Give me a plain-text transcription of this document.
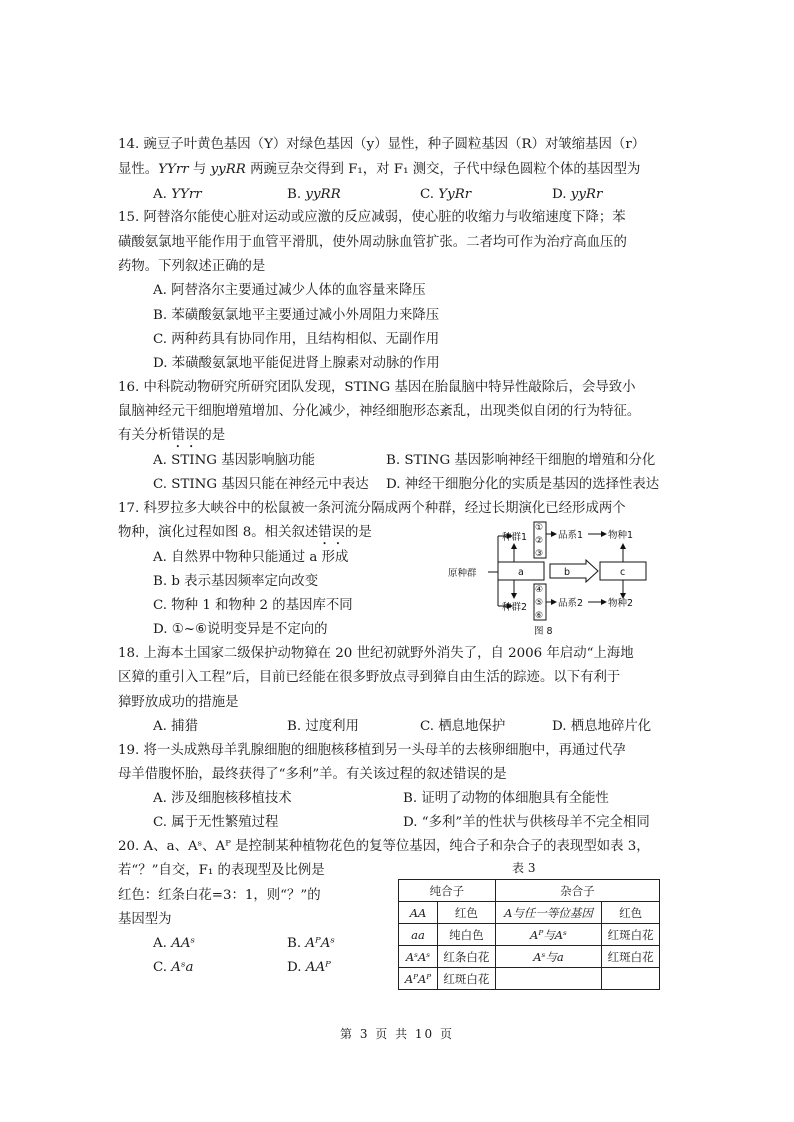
14. 豌豆子叶黄色基因（Y）对绿色基因（y）显性，种子圆粒基因（R）对皱缩基因（r）
显性。YYrr 与 yyRR 两豌豆杂交得到 F₁，对 F₁ 测交，子代中绿色圆粒个体的基因型为
A. YYrr	B. yyRR	C. YyRr	D. yyRr
15. 阿替洛尔能使心脏对运动或应激的反应减弱，使心脏的收缩力与收缩速度下降；苯
磺酸氨氯地平能作用于血管平滑肌，使外周动脉血管扩张。二者均可作为治疗高血压的
药物。下列叙述正确的是
A. 阿替洛尔主要通过减少人体的血容量来降压
B. 苯磺酸氨氯地平主要通过减小外周阻力来降压
C. 两种药具有协同作用，且结构相似、无副作用
D. 苯磺酸氨氯地平能促进肾上腺素对动脉的作用
16. 中科院动物研究所研究团队发现，STING 基因在胎鼠脑中特异性敲除后，会导致小
鼠脑神经元干细胞增殖增加、分化减少，神经细胞形态紊乱，出现类似自闭的行为特征。
有关分析错误的是
A. STING 基因影响脑功能	B. STING 基因影响神经干细胞的增殖和分化
C. STING 基因只能在神经元中表达 D. 神经干细胞分化的实质是基因的选择性表达
17. 科罗拉多大峡谷中的松鼠被一条河流分隔成两个种群，经过长期演化已经形成两个
物种，演化过程如图 8。相关叙述错误的是
A. 自然界中物种只能通过 a 形成
B. b 表示基因频率定向改变
C. 物种 1 和物种 2 的基因库不同
D. ①~⑥说明变异是不定向的
原种群	a
种群1
种群2
①
②
③
④
⑤
⑥
品系1
品系2
b	c
物种1
物种2
图 8
18. 上海本土国家二级保护动物獐在 20 世纪初就野外消失了，自 2006 年启动“上海地
区獐的重引入工程”后，目前已经能在很多野放点寻到獐自由生活的踪迹。以下有利于
獐野放成功的措施是
A. 捕猎	B. 过度利用	C. 栖息地保护	D. 栖息地碎片化
19. 将一头成熟母羊乳腺细胞的细胞核移植到另一头母羊的去核卵细胞中，再通过代孕
母羊借腹怀胎，最终获得了“多利”羊。有关该过程的叙述错误的是
A. 涉及细胞核移植技术	B. 证明了动物的体细胞具有全能性
C. 属于无性繁殖过程	D. “多利”羊的性状与供核母羊不完全相同
20. A、a、Aˢ、Aᴾ 是控制某种植物花色的复等位基因，纯合子和杂合子的表现型如表 3，
若“？”自交，F₁ 的表现型及比例是
红色：红条白花=3：1，则“？”的
基因型为
A. AAˢ	B. AᴾAˢ
C. Aˢa	D. AAᴾ
表 3
纯合子		杂合子	
AA	红色	A与任一等位基因	红色
aa	纯白色	Aᴾ与Aˢ	红斑白花
AˢAˢ	红条白花	Aˢ与a	红斑白花
AᴾAᴾ	红斑白花		
第 3 页 共 10 页
